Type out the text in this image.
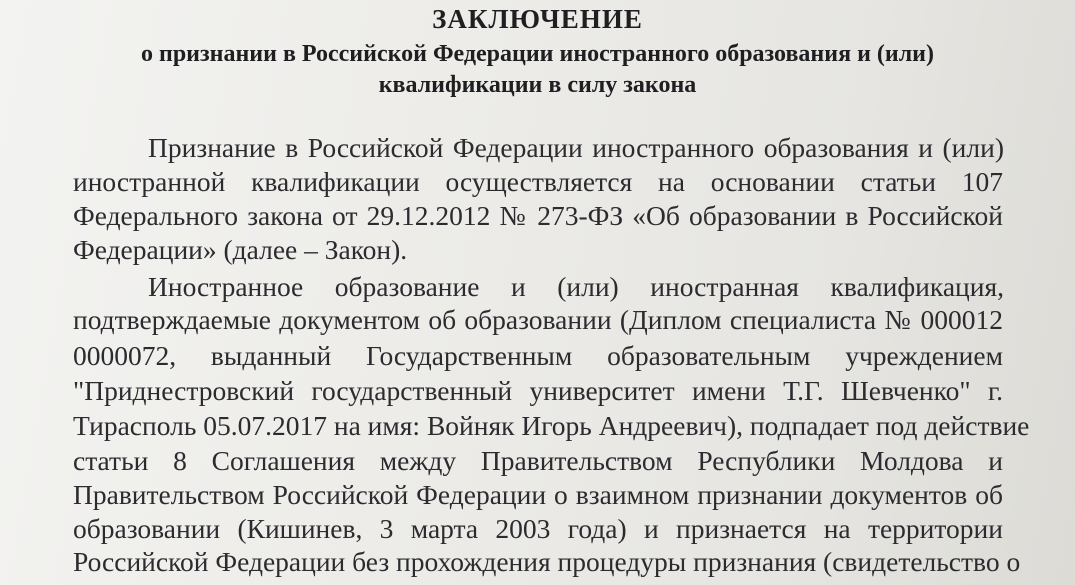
ЗАКЛЮЧЕНИЕ

о признании в Российской Федерации иностранного образования и (или)

квалификации в силу закона

Признание в Российской Федерации иностранного образования и (или)
иностранной квалификации осуществляется на основании статьи 107
Федерального закона от 29.12.2012 № 273-ФЗ «Об образовании в Российской
Федерации» (далее – Закон).
Иностранное образование и (или) иностранная квалификация,
подтверждаемые документом об образовании (Диплом специалиста № 000012
0000072, выданный Государственным образовательным учреждением
"Приднестровский государственный университет имени Т.Г. Шевченко" г.
Тирасполь 05.07.2017 на имя: Войняк Игорь Андреевич), подпадает под действие
статьи 8 Соглашения между Правительством Республики Молдова и
Правительством Российской Федерации о взаимном признании документов об
образовании (Кишинев, 3 марта 2003 года) и признается на территории
Российской Федерации без прохождения процедуры признания (свидетельство о
